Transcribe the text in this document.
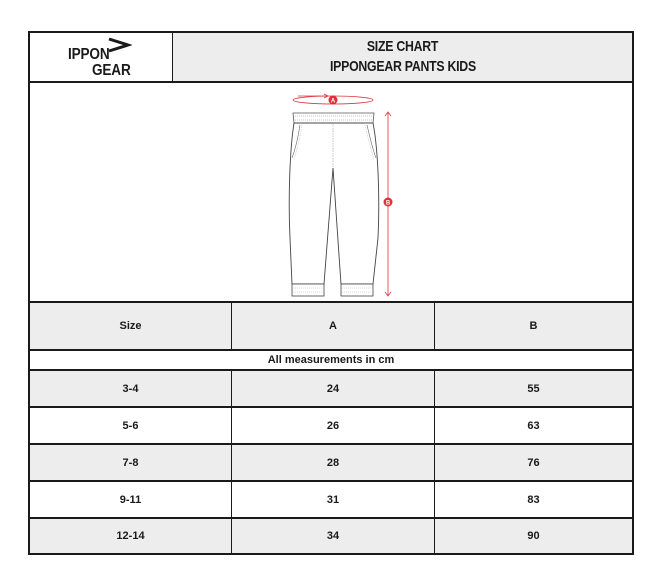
IPPON
GEAR
SIZE CHART
IPPONGEAR PANTS KIDS
A
B
Size	A	B
All measurements in cm
3-4	24	55
5-6	26	63
7-8	28	76
9-11	31	83
12-14	34	90
